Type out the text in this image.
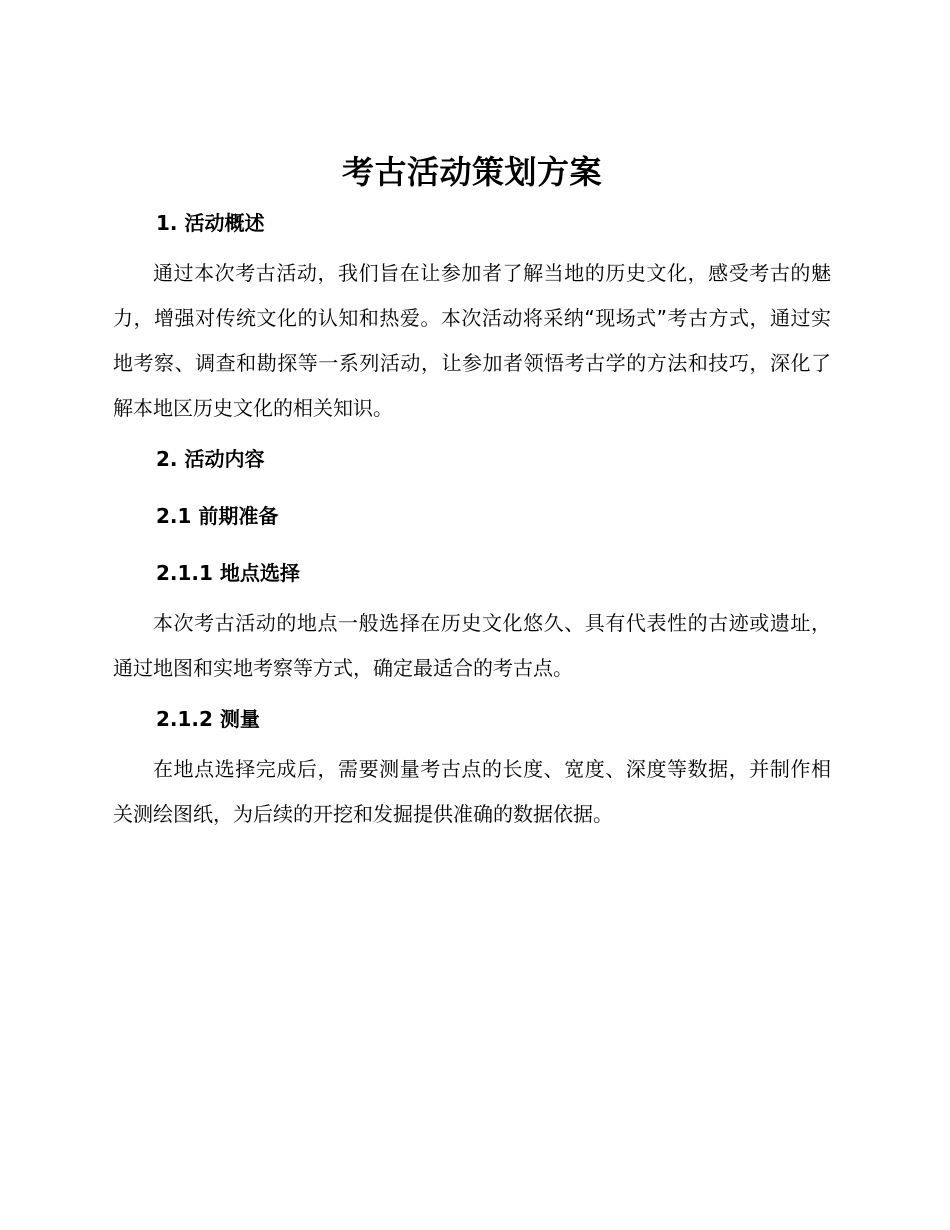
考古活动策划方案
1. 活动概述

通过本次考古活动，我们旨在让参加者了解当地的历史文化，感受考古的魅力，增强对传统文化的认知和热爱。本次活动将采纳“现场式”考古方式，通过实地考察、调查和勘探等一系列活动，让参加者领悟考古学的方法和技巧，深化了解本地区历史文化的相关知识。

2. 活动内容
2.1 前期准备
2.1.1 地点选择

本次考古活动的地点一般选择在历史文化悠久、具有代表性的古迹或遗址，通过地图和实地考察等方式，确定最适合的考古点。

2.1.2 测量

在地点选择完成后，需要测量考古点的长度、宽度、深度等数据，并制作相关测绘图纸，为后续的开挖和发掘提供准确的数据依据。
